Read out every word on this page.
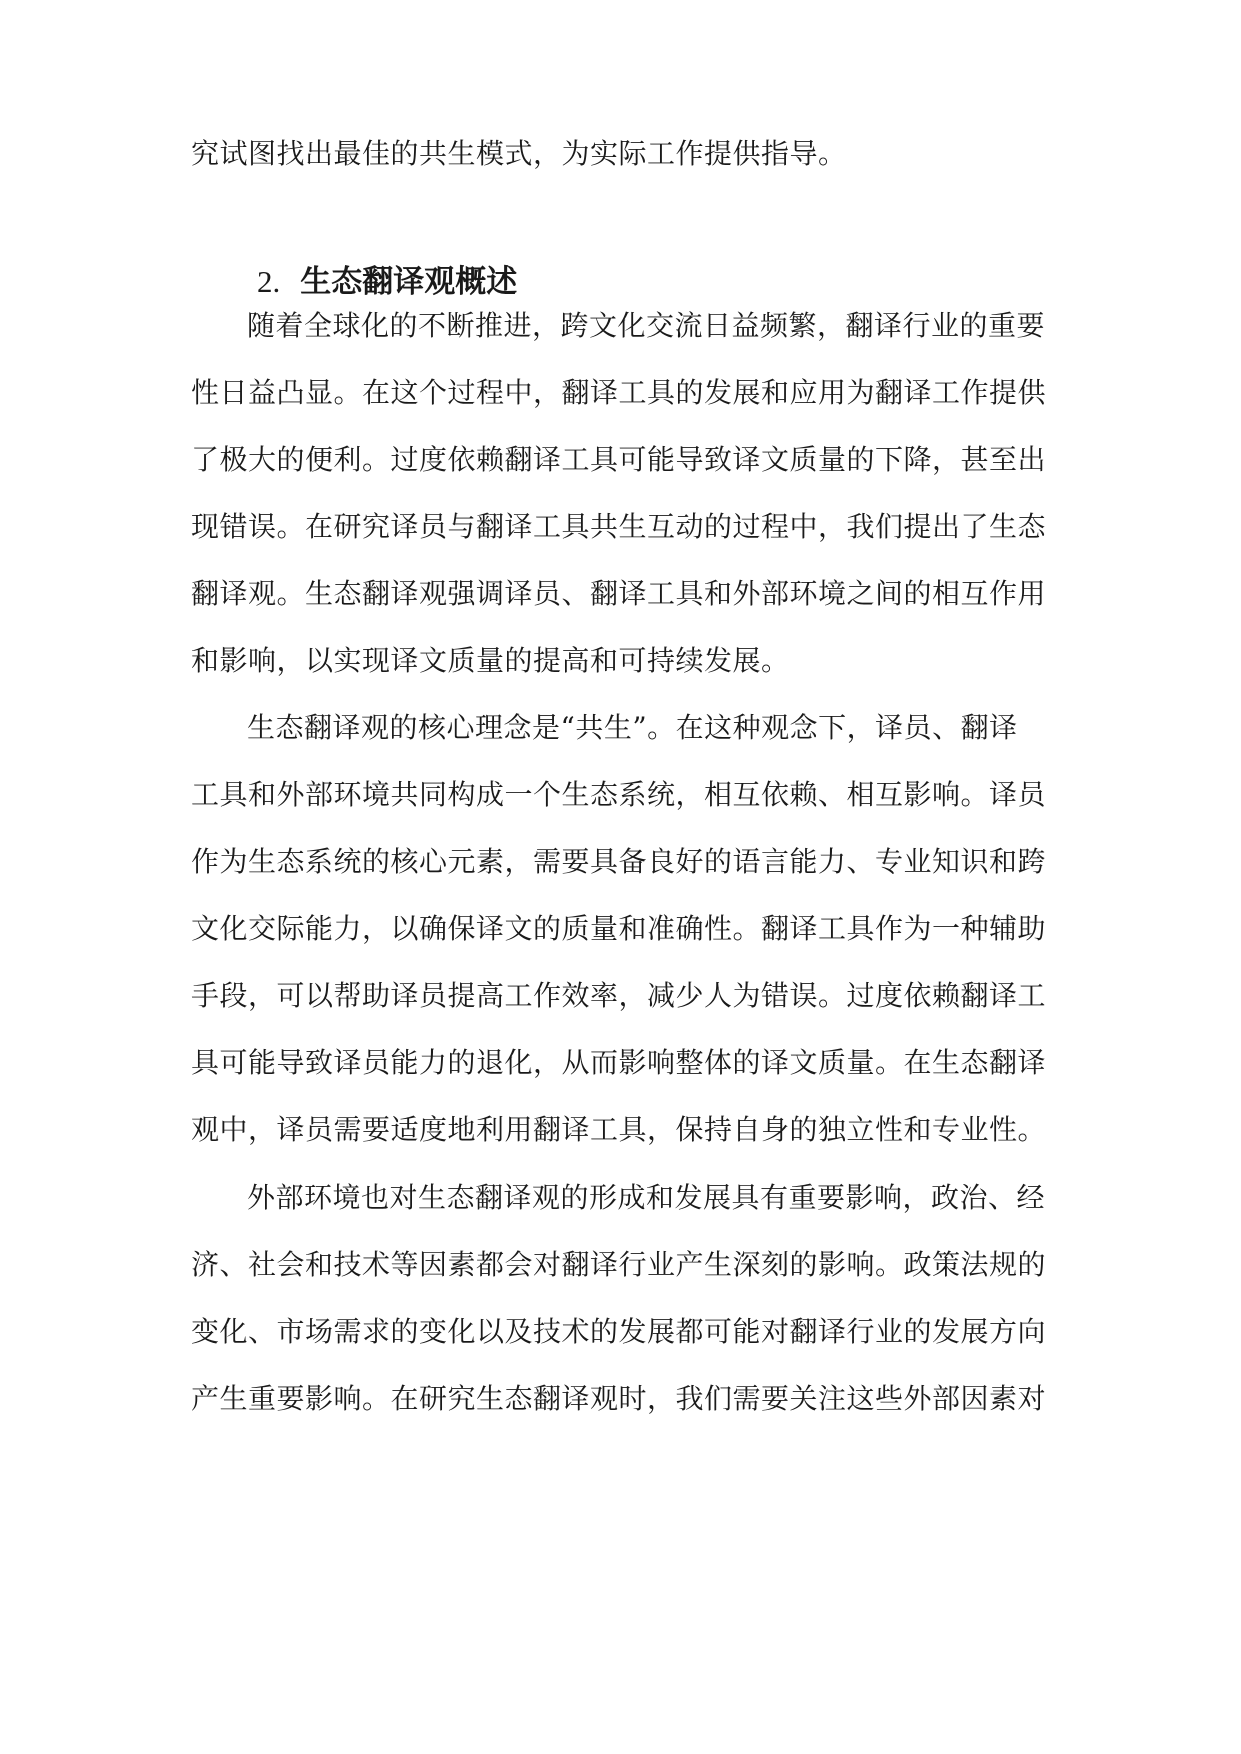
究试图找出最佳的共生模式，为实际工作提供指导。
2. 生态翻译观概述
随着全球化的不断推进，跨文化交流日益频繁，翻译行业的重要
性日益凸显。在这个过程中，翻译工具的发展和应用为翻译工作提供
了极大的便利。过度依赖翻译工具可能导致译文质量的下降，甚至出
现错误。在研究译员与翻译工具共生互动的过程中，我们提出了生态
翻译观。生态翻译观强调译员、翻译工具和外部环境之间的相互作用
和影响，以实现译文质量的提高和可持续发展。
生态翻译观的核心理念是“共生”。在这种观念下，译员、翻译
工具和外部环境共同构成一个生态系统，相互依赖、相互影响。译员
作为生态系统的核心元素，需要具备良好的语言能力、专业知识和跨
文化交际能力，以确保译文的质量和准确性。翻译工具作为一种辅助
手段，可以帮助译员提高工作效率，减少人为错误。过度依赖翻译工
具可能导致译员能力的退化，从而影响整体的译文质量。在生态翻译
观中，译员需要适度地利用翻译工具，保持自身的独立性和专业性。
外部环境也对生态翻译观的形成和发展具有重要影响，政治、经
济、社会和技术等因素都会对翻译行业产生深刻的影响。政策法规的
变化、市场需求的变化以及技术的发展都可能对翻译行业的发展方向
产生重要影响。在研究生态翻译观时，我们需要关注这些外部因素对
